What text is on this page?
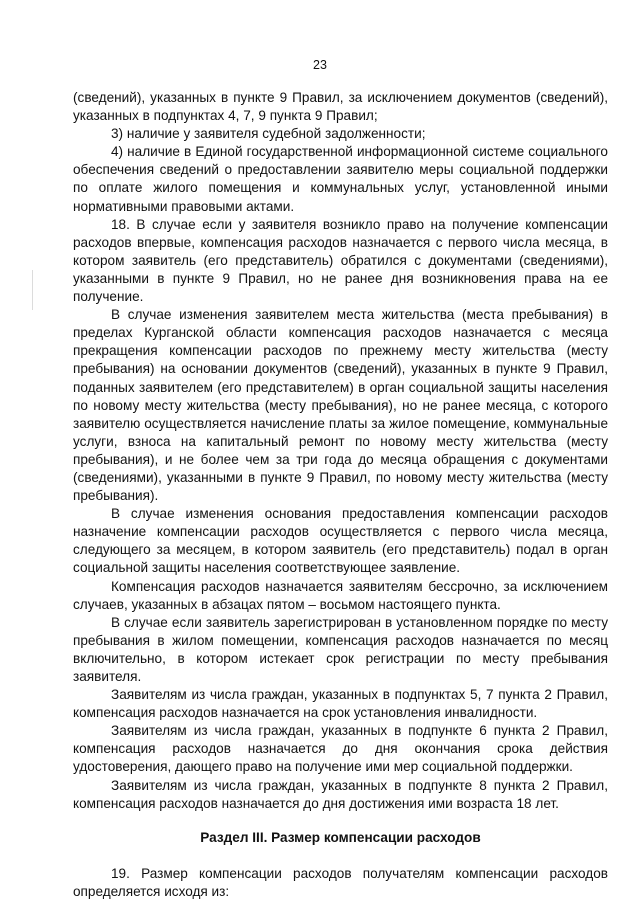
23

(сведений), указанных в пункте 9 Правил, за исключением документов (сведений), указанных в подпунктах 4, 7, 9 пункта 9 Правил;

3) наличие у заявителя судебной задолженности;

4) наличие в Единой государственной информационной системе социального обеспечения сведений о предоставлении заявителю меры социальной поддержки по оплате жилого помещения и коммунальных услуг, установленной иными нормативными правовыми актами.

18. В случае если у заявителя возникло право на получение компенсации расходов впервые, компенсация расходов назначается с первого числа месяца, в котором заявитель (его представитель) обратился с документами (сведениями), указанными в пункте 9 Правил, но не ранее дня возникновения права на ее получение.

В случае изменения заявителем места жительства (места пребывания) в пределах Курганской области компенсация расходов назначается с месяца прекращения компенсации расходов по прежнему месту жительства (месту пребывания) на основании документов (сведений), указанных в пункте 9 Правил, поданных заявителем (его представителем) в орган социальной защиты населения по новому месту жительства (месту пребывания), но не ранее месяца, с которого заявителю осуществляется начисление платы за жилое помещение, коммунальные услуги, взноса на капитальный ремонт по новому месту жительства (месту пребывания), и не более чем за три года до месяца обращения с документами (сведениями), указанными в пункте 9 Правил, по новому месту жительства (месту пребывания).

В случае изменения основания предоставления компенсации расходов назначение компенсации расходов осуществляется с первого числа месяца, следующего за месяцем, в котором заявитель (его представитель) подал в орган социальной защиты населения соответствующее заявление.

Компенсация расходов назначается заявителям бессрочно, за исключением случаев, указанных в абзацах пятом – восьмом настоящего пункта.

В случае если заявитель зарегистрирован в установленном порядке по месту пребывания в жилом помещении, компенсация расходов назначается по месяц включительно, в котором истекает срок регистрации по месту пребывания заявителя.

Заявителям из числа граждан, указанных в подпунктах 5, 7 пункта 2 Правил, компенсация расходов назначается на срок установления инвалидности.

Заявителям из числа граждан, указанных в подпункте 6 пункта 2 Правил, компенсация расходов назначается до дня окончания срока действия удостоверения, дающего право на получение ими мер социальной поддержки.

Заявителям из числа граждан, указанных в подпункте 8 пункта 2 Правил, компенсация расходов назначается до дня достижения ими возраста 18 лет.

Раздел III. Размер компенсации расходов

19. Размер компенсации расходов получателям компенсации расходов определяется исходя из:
